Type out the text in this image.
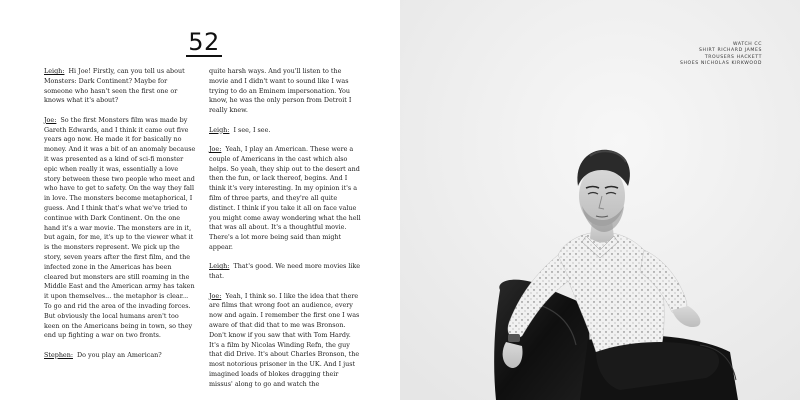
52

Leigh: Hi Joe! Firstly, can you tell us about Monsters: Dark Continent? Maybe for someone who hasn't seen the first one or knows what it's about?

Joe: So the first Monsters film was made by Gareth Edwards, and I think it came out five years ago now. He made it for basically no money. And it was a bit of an anomaly because it was presented as a kind of sci-fi monster epic when really it was, essentially a love story between these two people who meet and who have to get to safety. On the way they fall in love. The monsters become metaphorical, I guess. And I think that's what we've tried to continue with Dark Continent. On the one hand it's a war movie. The monsters are in it, but again, for me, it's up to the viewer what it is the monsters represent. We pick up the story, seven years after the first film, and the infected zone in the Americas has been cleared but monsters are still roaming in the Middle East and the American army has taken it upon themselves... the metaphor is clear... To go and rid the area of the invading forces. But obviously the local humans aren't too keen on the Americans being in town, so they end up fighting a war on two fronts.

Stephen: Do you play an American?

quite harsh ways. And you'll listen to the movie and I didn't want to sound like I was trying to do an Eminem impersonation. You know, he was the only person from Detroit I really knew.

Leigh: I see, I see.

Joe: Yeah, I play an American. These were a couple of Americans in the cast which also helps. So yeah, they ship out to the desert and then the fun, or lack thereof, begins. And I think it's very interesting. In my opinion it's a film of three parts, and they're all quite distinct. I think if you take it all on face value you might come away wondering what the hell that was all about. It's a thoughtful movie. There's a lot more being said than might appear.

Leigh: That's good. We need more movies like that.

Joe: Yeah, I think so. I like the idea that there are films that wrong foot an audience, every now and again. I remember the first one I was aware of that did that to me was Bronson. Don't know if you saw that with Tom Hardy. It's a film by Nicolas Winding Refn, the guy that did Drive. It's about Charles Bronson, the most notorious prisoner in the UK. And I just imagined loads of blokes dragging their missus' along to go and watch the

WATCH CC
SHIRT RICHARD JAMES
TROUSERS HACKETT
SHOES NICHOLAS KIRKWOOD
